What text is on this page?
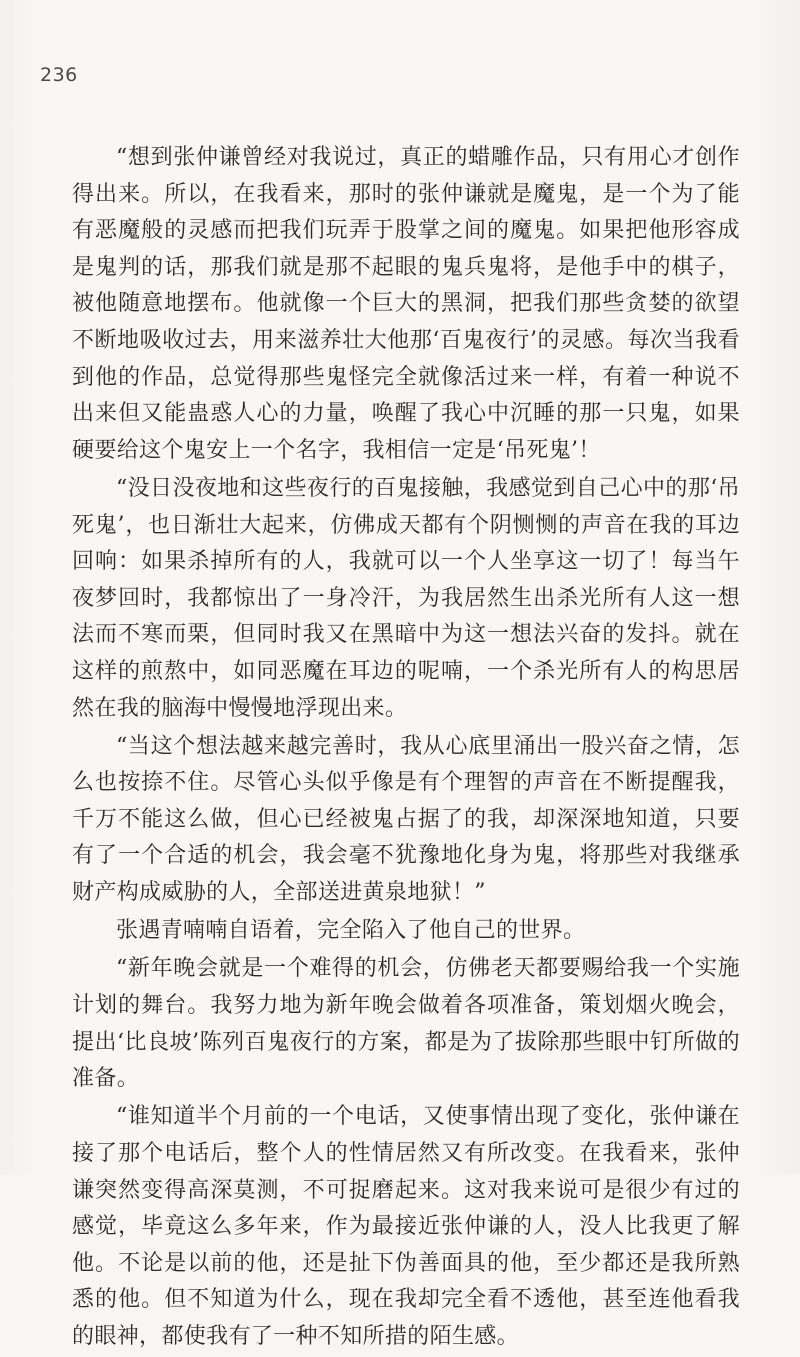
236

“想到张仲谦曾经对我说过，真正的蜡雕作品，只有用心才创作得出来。所以，在我看来，那时的张仲谦就是魔鬼，是一个为了能有恶魔般的灵感而把我们玩弄于股掌之间的魔鬼。如果把他形容成是鬼判的话，那我们就是那不起眼的鬼兵鬼将，是他手中的棋子，被他随意地摆布。他就像一个巨大的黑洞，把我们那些贪婪的欲望不断地吸收过去，用来滋养壮大他那‘百鬼夜行’的灵感。每次当我看到他的作品，总觉得那些鬼怪完全就像活过来一样，有着一种说不出来但又能蛊惑人心的力量，唤醒了我心中沉睡的那一只鬼，如果硬要给这个鬼安上一个名字，我相信一定是‘吊死鬼’！

“没日没夜地和这些夜行的百鬼接触，我感觉到自己心中的那‘吊死鬼’，也日渐壮大起来，仿佛成天都有个阴恻恻的声音在我的耳边回响：如果杀掉所有的人，我就可以一个人坐享这一切了！每当午夜梦回时，我都惊出了一身冷汗，为我居然生出杀光所有人这一想法而不寒而栗，但同时我又在黑暗中为这一想法兴奋的发抖。就在这样的煎熬中，如同恶魔在耳边的呢喃，一个杀光所有人的构思居然在我的脑海中慢慢地浮现出来。

“当这个想法越来越完善时，我从心底里涌出一股兴奋之情，怎么也按捺不住。尽管心头似乎像是有个理智的声音在不断提醒我，千万不能这么做，但心已经被鬼占据了的我，却深深地知道，只要有了一个合适的机会，我会毫不犹豫地化身为鬼，将那些对我继承财产构成威胁的人，全部送进黄泉地狱！”

张遇青喃喃自语着，完全陷入了他自己的世界。

“新年晚会就是一个难得的机会，仿佛老天都要赐给我一个实施计划的舞台。我努力地为新年晚会做着各项准备，策划烟火晚会，提出‘比良坡’陈列百鬼夜行的方案，都是为了拔除那些眼中钉所做的准备。

“谁知道半个月前的一个电话，又使事情出现了变化，张仲谦在接了那个电话后，整个人的性情居然又有所改变。在我看来，张仲谦突然变得高深莫测，不可捉磨起来。这对我来说可是很少有过的感觉，毕竟这么多年来，作为最接近张仲谦的人，没人比我更了解他。不论是以前的他，还是扯下伪善面具的他，至少都还是我所熟悉的他。但不知道为什么，现在我却完全看不透他，甚至连他看我的眼神，都使我有了一种不知所措的陌生感。
